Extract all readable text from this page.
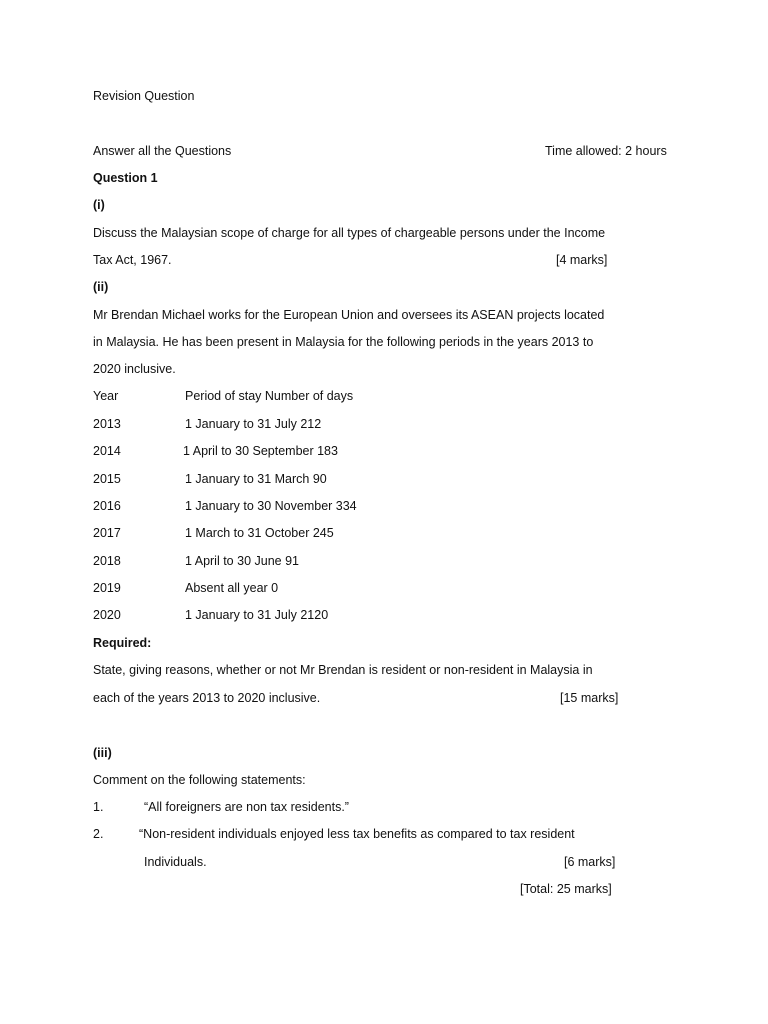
Revision Question
Answer all the Questions	Time allowed: 2 hours
Question 1
(i)
Discuss the Malaysian scope of charge for all types of chargeable persons under the Income
Tax Act, 1967.	[4 marks]
(ii)
Mr Brendan Michael works for the European Union and oversees its ASEAN projects located
in Malaysia. He has been present in Malaysia for the following periods in the years 2013 to
2020 inclusive.
Year	Period of stay Number of days
2013	1 January to 31 July 212
2014	1 April to 30 September 183
2015	1 January to 31 March 90
2016	1 January to 30 November 334
2017	1 March to 31 October 245
2018	1 April to 30 June 91
2019	Absent all year 0
2020	1 January to 31 July 2120
Required:
State, giving reasons, whether or not Mr Brendan is resident or non-resident in Malaysia in
each of the years 2013 to 2020 inclusive.	[15 marks]
(iii)
Comment on the following statements:
1.	“All foreigners are non tax residents.”
2.	“Non-resident individuals enjoyed less tax benefits as compared to tax resident
Individuals.	[6 marks]
[Total: 25 marks]
